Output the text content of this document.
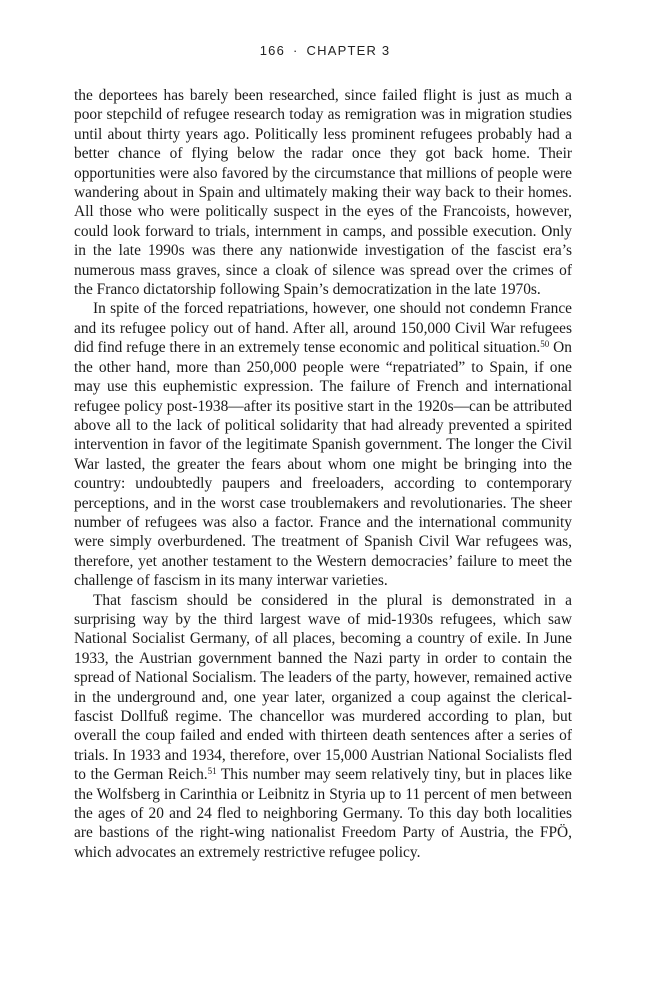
166 · CHAPTER 3

the deportees has barely been researched, since failed flight is just as much a poor stepchild of refugee research today as remigration was in migration studies until about thirty years ago. Politically less prominent refugees probably had a better chance of flying below the radar once they got back home. Their opportunities were also favored by the circumstance that millions of people were wandering about in Spain and ultimately making their way back to their homes. All those who were politically suspect in the eyes of the Francoists, however, could look forward to trials, internment in camps, and possible execution. Only in the late 1990s was there any nationwide investigation of the fascist era’s numerous mass graves, since a cloak of silence was spread over the crimes of the Franco dictatorship following Spain’s democratization in the late 1970s.

In spite of the forced repatriations, however, one should not condemn France and its refugee policy out of hand. After all, around 150,000 Civil War refugees did find refuge there in an extremely tense economic and political situation.$^{50}$ On the other hand, more than 250,000 people were “repatriated” to Spain, if one may use this euphemistic expression. The failure of French and international refugee policy post-1938—after its positive start in the 1920s—can be attributed above all to the lack of political solidarity that had already prevented a spirited intervention in favor of the legitimate Spanish government. The longer the Civil War lasted, the greater the fears about whom one might be bringing into the country: undoubtedly paupers and freeloaders, according to contemporary perceptions, and in the worst case troublemakers and revolutionaries. The sheer number of refugees was also a factor. France and the international community were simply overburdened. The treatment of Spanish Civil War refugees was, therefore, yet another testament to the Western democracies’ failure to meet the challenge of fascism in its many interwar varieties.

That fascism should be considered in the plural is demonstrated in a surprising way by the third largest wave of mid-1930s refugees, which saw National Socialist Germany, of all places, becoming a country of exile. In June 1933, the Austrian government banned the Nazi party in order to contain the spread of National Socialism. The leaders of the party, however, remained active in the underground and, one year later, organized a coup against the clerical-fascist Dollfuß regime. The chancellor was murdered according to plan, but overall the coup failed and ended with thirteen death sentences after a series of trials. In 1933 and 1934, therefore, over 15,000 Austrian National Socialists fled to the German Reich.$^{51}$ This number may seem relatively tiny, but in places like the Wolfsberg in Carinthia or Leibnitz in Styria up to 11 percent of men between the ages of 20 and 24 fled to neighboring Germany. To this day both localities are bastions of the right-wing nationalist Freedom Party of Austria, the FPÖ, which advocates an extremely restrictive refugee policy.
